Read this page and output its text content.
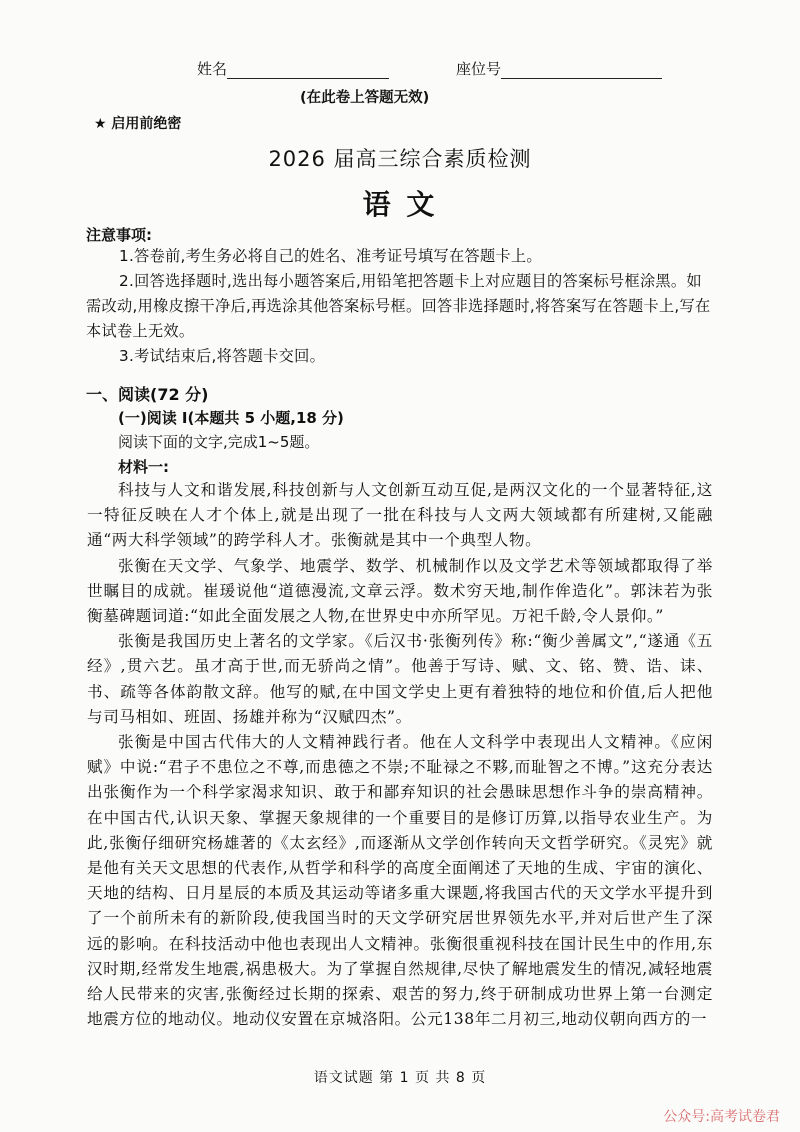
姓名	座位号
(在此卷上答题无效)
★ 启用前绝密
2026 届高三综合素质检测
语 文
注意事项:

1.答卷前,考生务必将自己的姓名、准考证号填写在答题卡上。

2.回答选择题时,选出每小题答案后,用铅笔把答题卡上对应题目的答案标号框涂黑。如需改动,用橡皮擦干净后,再选涂其他答案标号框。回答非选择题时,将答案写在答题卡上,写在本试卷上无效。

3.考试结束后,将答题卡交回。

一、阅读(72 分)
(一)阅读 I(本题共 5 小题,18 分)
阅读下面的文字,完成1~5题。
材料一:

科技与人文和谐发展,科技创新与人文创新互动互促,是两汉文化的一个显著特征,这一特征反映在人才个体上,就是出现了一批在科技与人文两大领域都有所建树,又能融通“两大科学领域”的跨学科人才。张衡就是其中一个典型人物。

张衡在天文学、气象学、地震学、数学、机械制作以及文学艺术等领域都取得了举世瞩目的成就。崔瑗说他“道德漫流,文章云浮。数术穷天地,制作侔造化”。郭沫若为张衡墓碑题词道:“如此全面发展之人物,在世界史中亦所罕见。万祀千龄,令人景仰。”

张衡是我国历史上著名的文学家。《后汉书·张衡列传》称:“衡少善属文”,“遂通《五经》,贯六艺。虽才高于世,而无骄尚之情”。他善于写诗、赋、文、铭、赞、诰、诔、书、疏等各体韵散文辞。他写的赋,在中国文学史上更有着独特的地位和价值,后人把他与司马相如、班固、扬雄并称为“汉赋四杰”。

张衡是中国古代伟大的人文精神践行者。他在人文科学中表现出人文精神。《应闲赋》中说:“君子不患位之不尊,而患德之不崇;不耻禄之不夥,而耻智之不博。”这充分表达出张衡作为一个科学家渴求知识、敢于和鄙弃知识的社会愚昧思想作斗争的崇高精神。在中国古代,认识天象、掌握天象规律的一个重要目的是修订历算,以指导农业生产。为此,张衡仔细研究杨雄著的《太玄经》,而逐渐从文学创作转向天文哲学研究。《灵宪》就是他有关天文思想的代表作,从哲学和科学的高度全面阐述了天地的生成、宇宙的演化、天地的结构、日月星辰的本质及其运动等诸多重大课题,将我国古代的天文学水平提升到了一个前所未有的新阶段,使我国当时的天文学研究居世界领先水平,并对后世产生了深远的影响。在科技活动中他也表现出人文精神。张衡很重视科技在国计民生中的作用,东汉时期,经常发生地震,祸患极大。为了掌握自然规律,尽快了解地震发生的情况,减轻地震给人民带来的灾害,张衡经过长期的探索、艰苦的努力,终于研制成功世界上第一台测定地震方位的地动仪。地动仪安置在京城洛阳。公元138年二月初三,地动仪朝向西方的一

语文试题 第 1 页 共 8 页
公众号:高考试卷君
